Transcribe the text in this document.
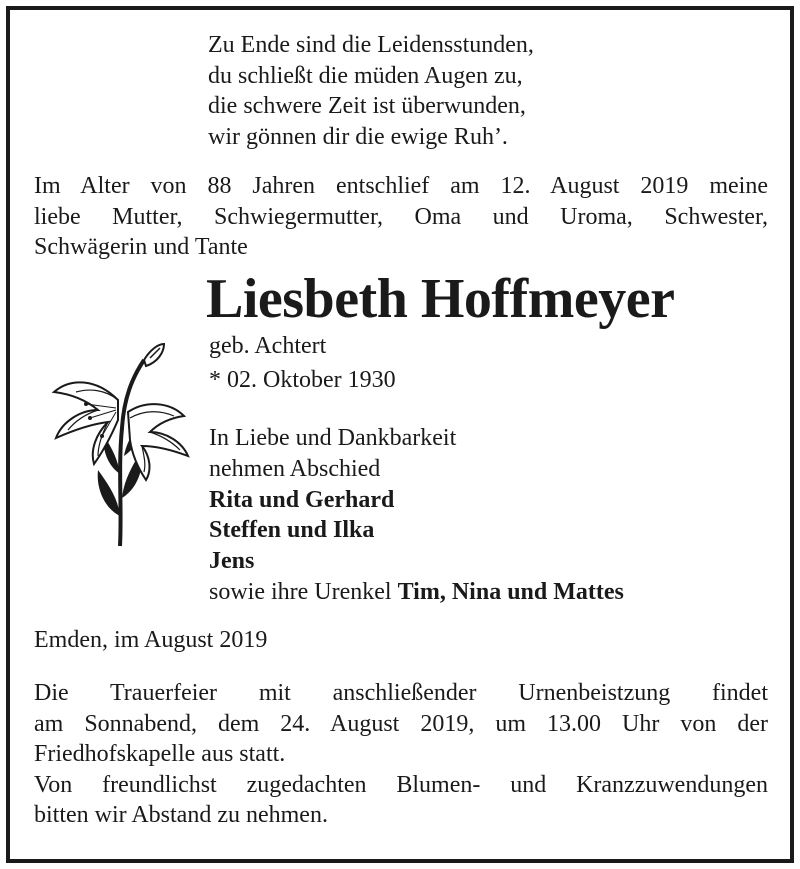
Zu Ende sind die Leidensstunden,
du schließt die müden Augen zu,
die schwere Zeit ist überwunden,
wir gönnen dir die ewige Ruh’.
Im Alter von 88 Jahren entschlief am 12. August 2019 meine
liebe Mutter, Schwiegermutter, Oma und Uroma, Schwester,
Schwägerin und Tante
Liesbeth Hoffmeyer
geb. Achtert
* 02. Oktober 1930
In Liebe und Dankbarkeit
nehmen Abschied
Rita und Gerhard
Steffen und Ilka
Jens
sowie ihre Urenkel Tim, Nina und Mattes
Emden, im August 2019
Die Trauerfeier mit anschließender Urnenbeistzung findet
am Sonnabend, dem 24. August 2019, um 13.00 Uhr von der
Friedhofskapelle aus statt.
Von freundlichst zugedachten Blumen- und Kranzzuwendungen
bitten wir Abstand zu nehmen.
